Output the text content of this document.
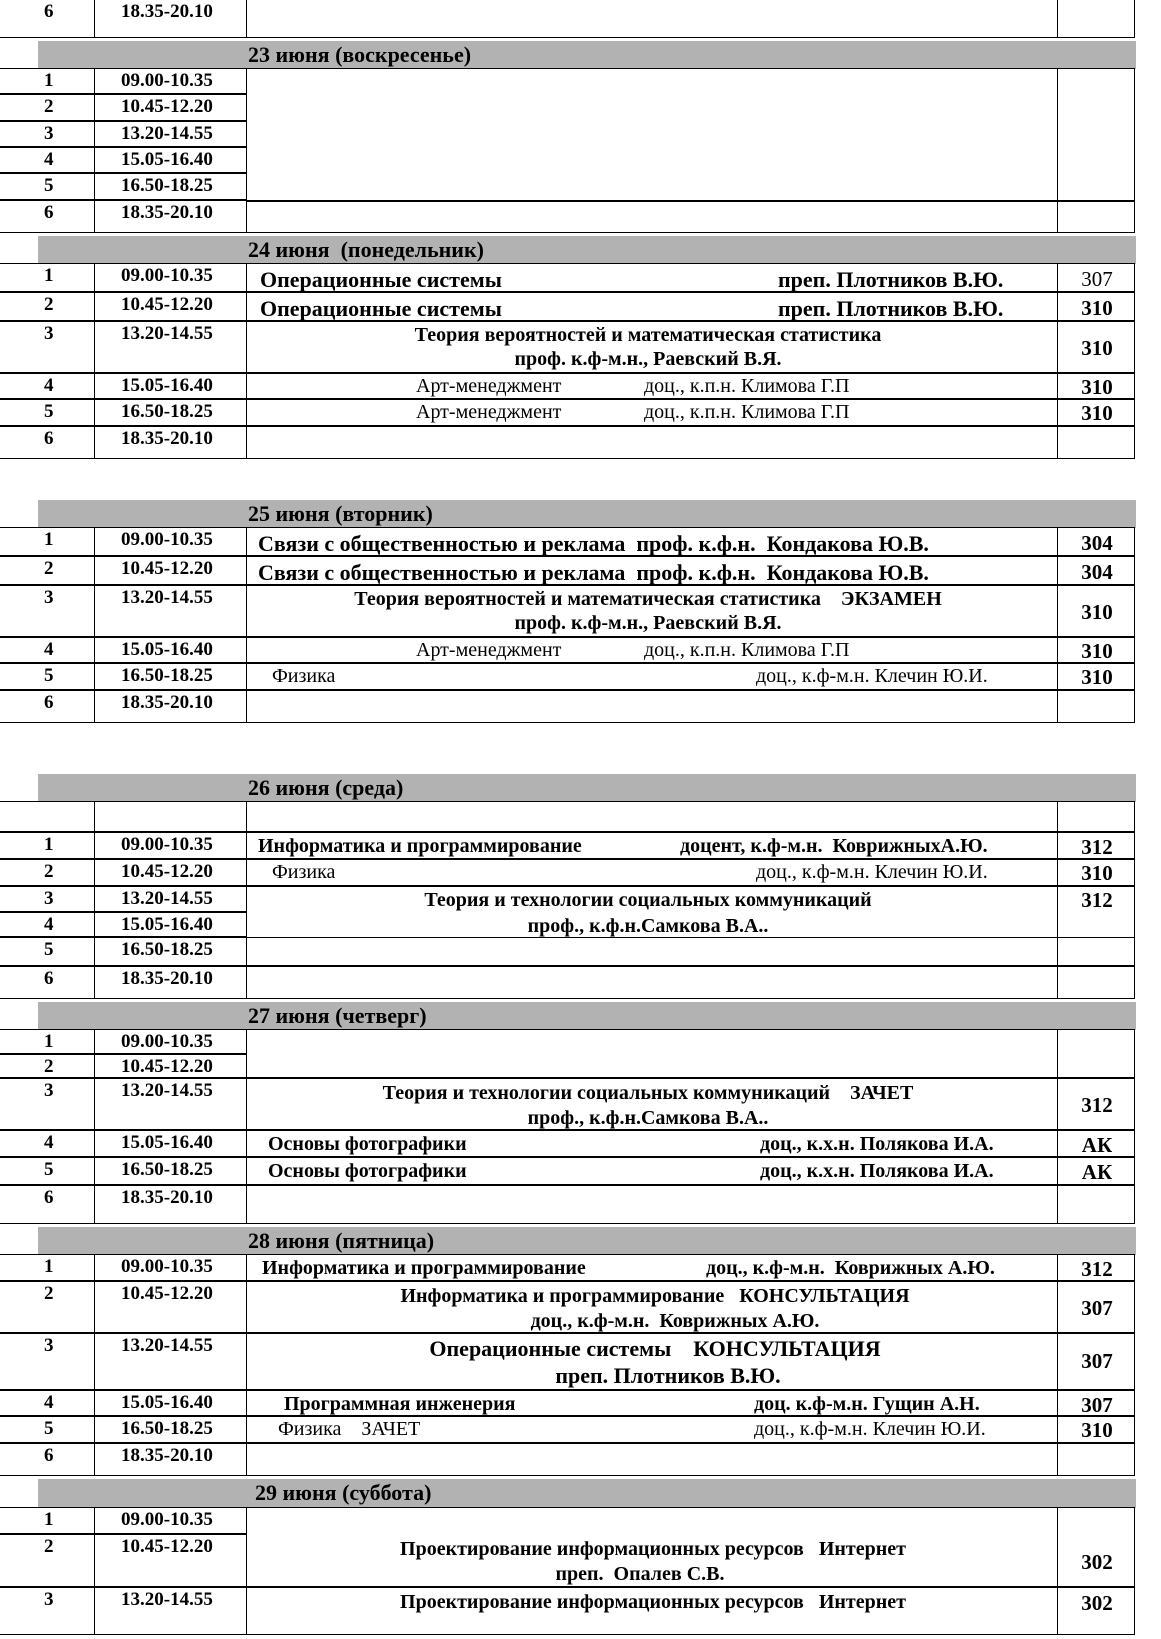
6	18.35-20.10
23 июня (воскресенье)
1	09.00-10.35
2	10.45-12.20
3	13.20-14.55
4	15.05-16.40
5	16.50-18.25
6	18.35-20.10
24 июня  (понедельник)
1	09.00-10.35 Операционные системы	преп. Плотников В.Ю.	307
2	10.45-12.20 Операционные системы	преп. Плотников В.Ю.	310
3	13.20-14.55	Теория вероятностей и математическая статистика
проф. к.ф-м.н., Раевский В.Я.	310
4	15.05-16.40	Арт-менеджмент	доц., к.п.н. Климова Г.П	310
5	16.50-18.25	Арт-менеджмент	доц., к.п.н. Климова Г.П	310
6	18.35-20.10
25 июня (вторник)
1	09.00-10.35 Связи с общественностью и реклама  проф. к.ф.н.  Кондакова Ю.В.	304
2	10.45-12.20 Связи с общественностью и реклама  проф. к.ф.н.  Кондакова Ю.В.	304
3	13.20-14.55	Теория вероятностей и математическая статистика    ЭКЗАМЕН
проф. к.ф-м.н., Раевский В.Я.	310
4	15.05-16.40	Арт-менеджмент	доц., к.п.н. Климова Г.П	310
5	16.50-18.25	Физика	доц., к.ф-м.н. Клечин Ю.И.	310
6	18.35-20.10
26 июня (среда)
1	09.00-10.35 Информатика и программирование	доцент, к.ф-м.н.  КоврижныхА.Ю.	312
2	10.45-12.20	Физика	доц., к.ф-м.н. Клечин Ю.И.	310
3	13.20-14.55	Теория и технологии социальных коммуникаций
проф., к.ф.н.Самкова В.А..
312
4	15.05-16.40
5	16.50-18.25
6	18.35-20.10
27 июня (четверг)
1	09.00-10.35
2	10.45-12.20
3	13.20-14.55	Теория и технологии социальных коммуникаций    ЗАЧЕТ
проф., к.ф.н.Самкова В.А..
312
4	15.05-16.40	Основы фотографики	доц., к.х.н. Полякова И.А.	АК
5	16.50-18.25	Основы фотографики	доц., к.х.н. Полякова И.А.	АК
6	18.35-20.10
28 июня (пятница)
1	09.00-10.35 Информатика и программирование	доц., к.ф-м.н.  Коврижных А.Ю.	312
2	10.45-12.20	Информатика и программирование   КОНСУЛЬТАЦИЯ
доц., к.ф-м.н.  Коврижных А.Ю.
307
3	13.20-14.55	Операционные системы    КОНСУЛЬТАЦИЯ
преп. Плотников В.Ю.
307
4	15.05-16.40	Программная инженерия	доц. к.ф-м.н. Гущин А.Н.	307
5	16.50-18.25	Физика    ЗАЧЕТ	доц., к.ф-м.н. Клечин Ю.И.	310
6	18.35-20.10
29 июня (суббота)
1	09.00-10.35
2	10.45-12.20	Проектирование информационных ресурсов   Интернет
преп.  Опалев С.В.	302
3	13.20-14.55	Проектирование информационных ресурсов   Интернет	302
